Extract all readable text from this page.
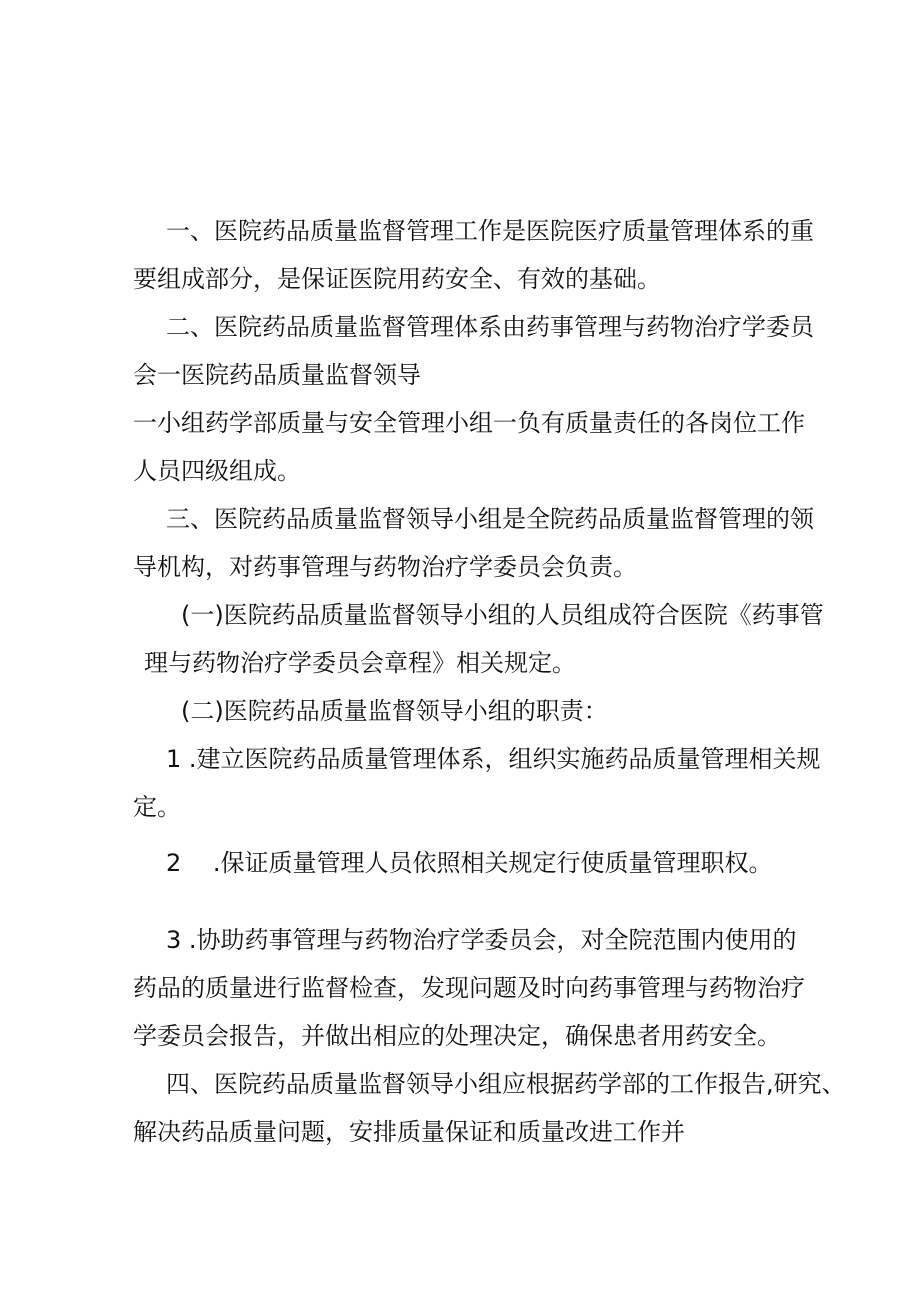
一、医院药品质量监督管理工作是医院医疗质量管理体系的重
要组成部分，是保证医院用药安全、有效的基础。
二、医院药品质量监督管理体系由药事管理与药物治疗学委员
会一医院药品质量监督领导
一小组药学部质量与安全管理小组一负有质量责任的各岗位工作
人员四级组成。
三、医院药品质量监督领导小组是全院药品质量监督管理的领
导机构，对药事管理与药物治疗学委员会负责。
(一)医院药品质量监督领导小组的人员组成符合医院《药事管
理与药物治疗学委员会章程》相关规定。
(二)医院药品质量监督领导小组的职责：
1 .建立医院药品质量管理体系，组织实施药品质量管理相关规
定。
2　 .保证质量管理人员依照相关规定行使质量管理职权。
3 .协助药事管理与药物治疗学委员会，对全院范围内使用的
药品的质量进行监督检查，发现问题及时向药事管理与药物治疗
学委员会报告，并做出相应的处理决定，确保患者用药安全。
四、医院药品质量监督领导小组应根据药学部的工作报告,研究、
解决药品质量问题，安排质量保证和质量改进工作并
